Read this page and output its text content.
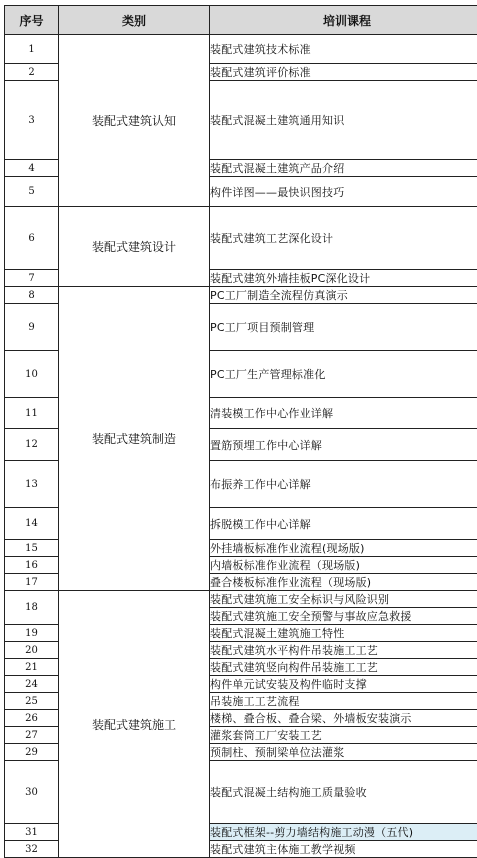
序号	类别	培训课程
1	装配式建筑认知	装配式建筑技术标准
2		装配式建筑评价标准
3		装配式混凝土建筑通用知识
4		装配式混凝土建筑产品介绍
5		构件详图——最快识图技巧
6	装配式建筑设计	装配式建筑工艺深化设计
7		装配式建筑外墙挂板PC深化设计
8	装配式建筑制造	PC工厂制造全流程仿真演示
9		PC工厂项目预制管理
10		PC工厂生产管理标准化
11		清装模工作中心作业详解
12		置筋预埋工作中心详解
13		布振养工作中心详解
14		拆脱模工作中心详解
15		外挂墙板标准作业流程(现场版)
16		内墙板标准作业流程（现场版)
17		叠合楼板标准作业流程（现场版)
18	装配式建筑施工	装配式建筑施工安全标识与风险识别
		装配式建筑施工安全预警与事故应急救援
19		装配式混凝土建筑施工特性
20		装配式建筑水平构件吊装施工工艺
21		装配式建筑竖向构件吊装施工工艺
24		构件单元试安装及构件临时支撑
25		吊装施工工艺流程
26		楼梯、叠合板、叠合梁、外墙板安装演示
27		灌浆套筒工厂安装工艺
29		预制柱、预制梁单位法灌浆
30		装配式混凝土结构施工质量验收
31		装配式框架--剪力墙结构施工动漫（五代)
32		装配式建筑主体施工教学视频
